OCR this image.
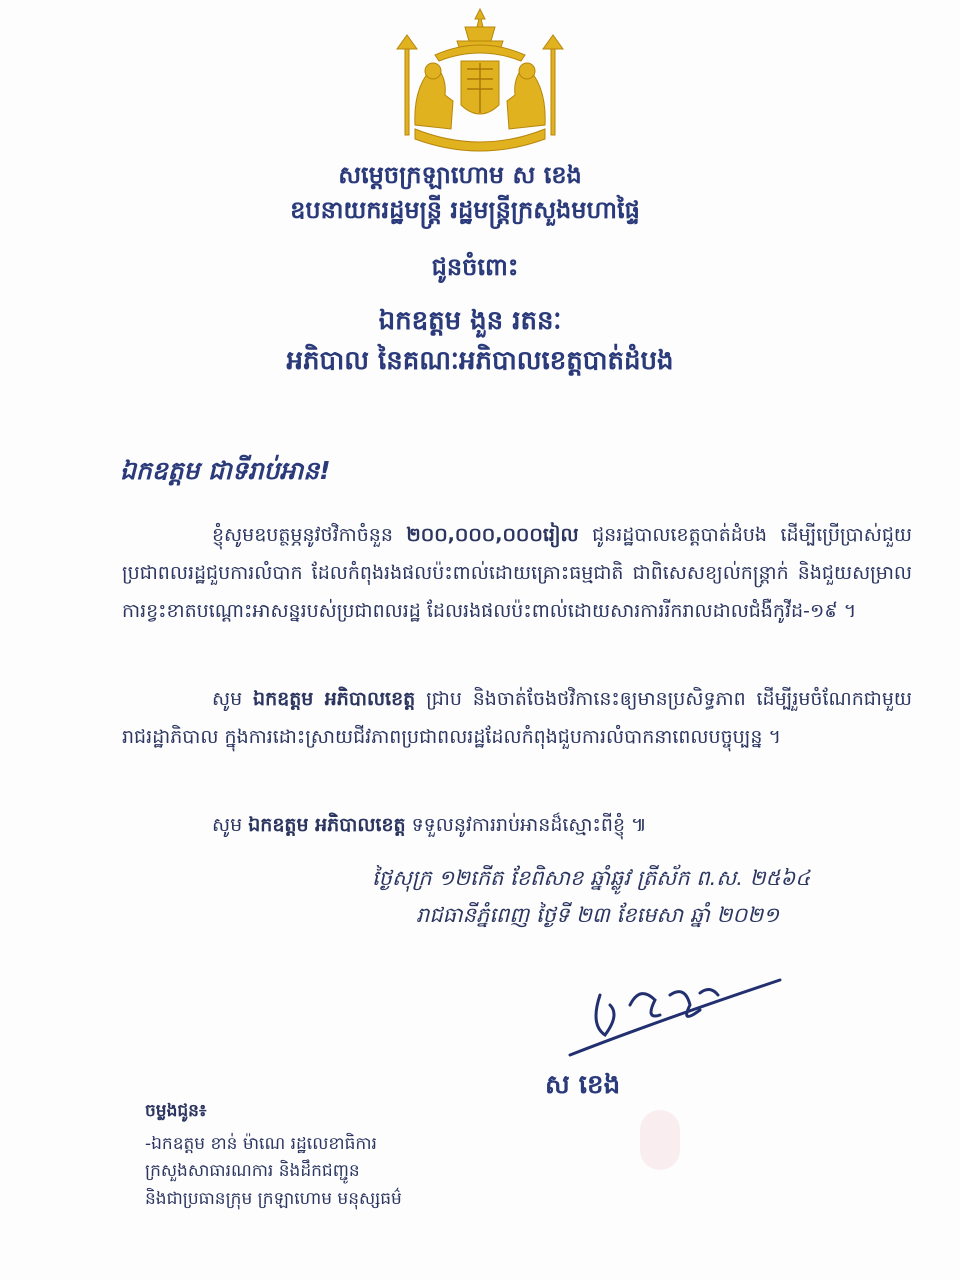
សម្តេចក្រឡាហោម ស ខេង
ឧបនាយករដ្ឋមន្ត្រី រដ្ឋមន្ត្រីក្រសួងមហាផ្ទៃ
ជូនចំពោះ
ឯកឧត្តម ងួន រតនៈ
អភិបាល នៃគណៈអភិបាលខេត្តបាត់ដំបង
ឯកឧត្តម ជាទីរាប់អាន!
ខ្ញុំសូមឧបត្ថម្ភនូវថវិកាចំនួន ២០០,០០០,០០០រៀល ជូនរដ្ឋបាលខេត្តបាត់ដំបង ដើម្បីប្រើប្រាស់ជួយប្រជាពលរដ្ឋជួបការលំបាក ដែលកំពុងរងផលប៉ះពាល់ដោយគ្រោះធម្មជាតិ ជាពិសេសខ្យល់កន្ត្រាក់ និងជួយសម្រាលការខ្វះខាតបណ្តោះអាសន្នរបស់ប្រជាពលរដ្ឋ ដែលរងផលប៉ះពាល់ដោយសារការរីករាលដាលជំងឺកូវីដ-១៩ ។
សូម ឯកឧត្តម អភិបាលខេត្ត ជ្រាប និងចាត់ចែងថវិកានេះឲ្យមានប្រសិទ្ធភាព ដើម្បីរួមចំណែកជាមួយរាជរដ្ឋាភិបាល ក្នុងការដោះស្រាយជីវភាពប្រជាពលរដ្ឋដែលកំពុងជួបការលំបាកនាពេលបច្ចុប្បន្ន ។
សូម ឯកឧត្តម អភិបាលខេត្ត ទទួលនូវការរាប់អានដ៏ស្មោះពីខ្ញុំ ៕
ថ្ងៃសុក្រ ១២កើត ខែពិសាខ ឆ្នាំឆ្លូវ ត្រីស័ក ព.ស. ២៥៦៤
រាជធានីភ្នំពេញ ថ្ងៃទី ២៣ ខែមេសា ឆ្នាំ ២០២១
ស ខេង
ចម្លងជូន៖
-ឯកឧត្តម ខាន់ ម៉ាណេ រដ្ឋលេខាធិការ
ក្រសួងសាធារណការ និងដឹកជញ្ជូន
និងជាប្រធានក្រុម ក្រឡាហោម មនុស្សធម៌
